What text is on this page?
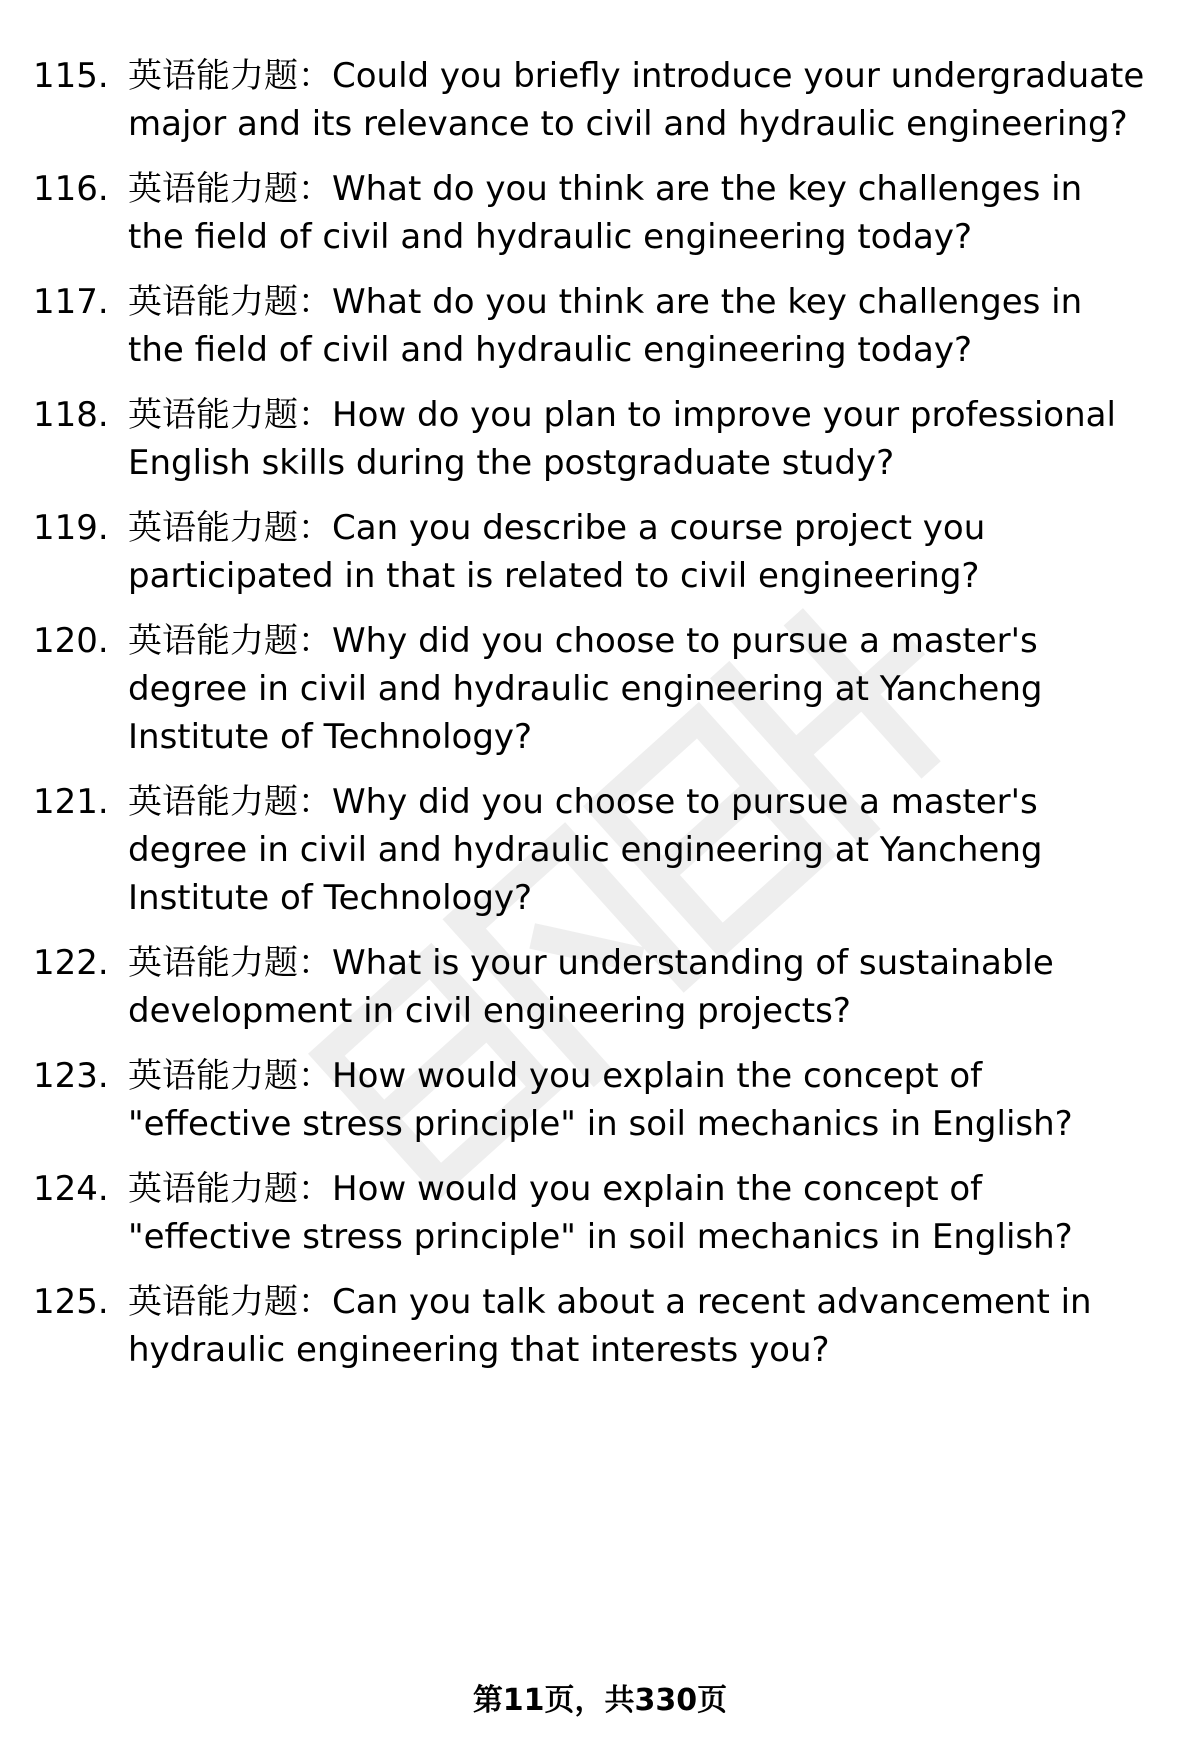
115. 英语能力题：Could you briefly introduce your undergraduate major and its relevance to civil and hydraulic engineering?
116. 英语能力题：What do you think are the key challenges in the field of civil and hydraulic engineering today?
117. 英语能力题：What do you think are the key challenges in the field of civil and hydraulic engineering today?
118. 英语能力题：How do you plan to improve your professional English skills during the postgraduate study?
119. 英语能力题：Can you describe a course project you participated in that is related to civil engineering?
120. 英语能力题：Why did you choose to pursue a master's degree in civil and hydraulic engineering at Yancheng Institute of Technology?
121. 英语能力题：Why did you choose to pursue a master's degree in civil and hydraulic engineering at Yancheng Institute of Technology?
122. 英语能力题：What is your understanding of sustainable development in civil engineering projects?
123. 英语能力题：How would you explain the concept of "effective stress principle" in soil mechanics in English?
124. 英语能力题：How would you explain the concept of "effective stress principle" in soil mechanics in English?
125. 英语能力题：Can you talk about a recent advancement in hydraulic engineering that interests you?
第11页，共330页
